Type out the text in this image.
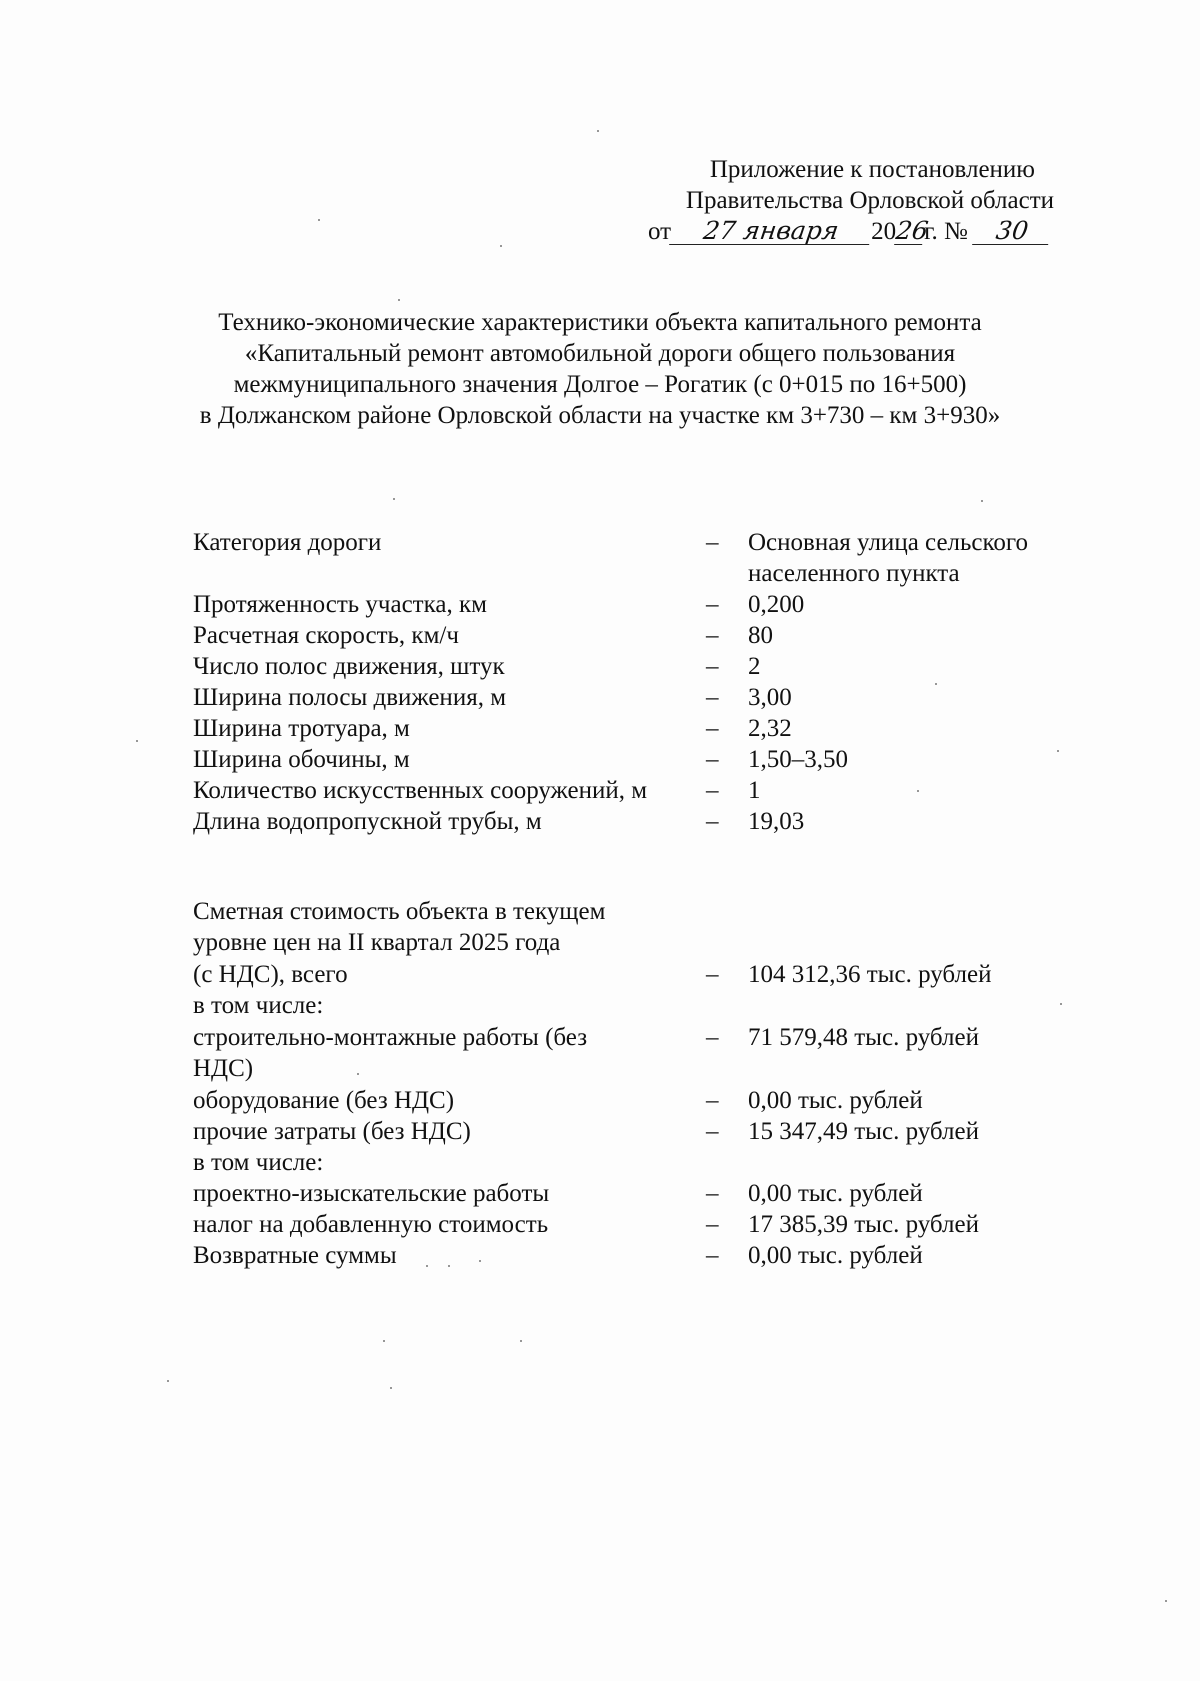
Приложение к постановлению
Правительства Орловской области
от 27 января 2026г. № 30
Технико-экономические характеристики объекта капитального ремонта
«Капитальный ремонт автомобильной дороги общего пользования
межмуниципального значения Долгое – Рогатик (с 0+015 по 16+500)
в Должанском районе Орловской области на участке км 3+730 – км 3+930»
Категория дороги	– Основная улица сельского
населенного пункта
Протяженность участка, км	– 0,200
Расчетная скорость, км/ч	– 80
Число полос движения, штук	– 2
Ширина полосы движения, м	– 3,00
Ширина тротуара, м	– 2,32
Ширина обочины, м	– 1,50–3,50
Количество искусственных сооружений, м – 1
Длина водопропускной трубы, м	– 19,03
Сметная стоимость объекта в текущем
уровне цен на II квартал 2025 года
(с НДС), всего	– 104 312,36 тыс. рублей
в том числе:
строительно-монтажные работы (без	– 71 579,48 тыс. рублей
НДС)
оборудование (без НДС)	– 0,00 тыс. рублей
прочие затраты (без НДС)	– 15 347,49 тыс. рублей
в том числе:
проектно-изыскательские работы	– 0,00 тыс. рублей
налог на добавленную стоимость	– 17 385,39 тыс. рублей
Возвратные суммы	– 0,00 тыс. рублей
